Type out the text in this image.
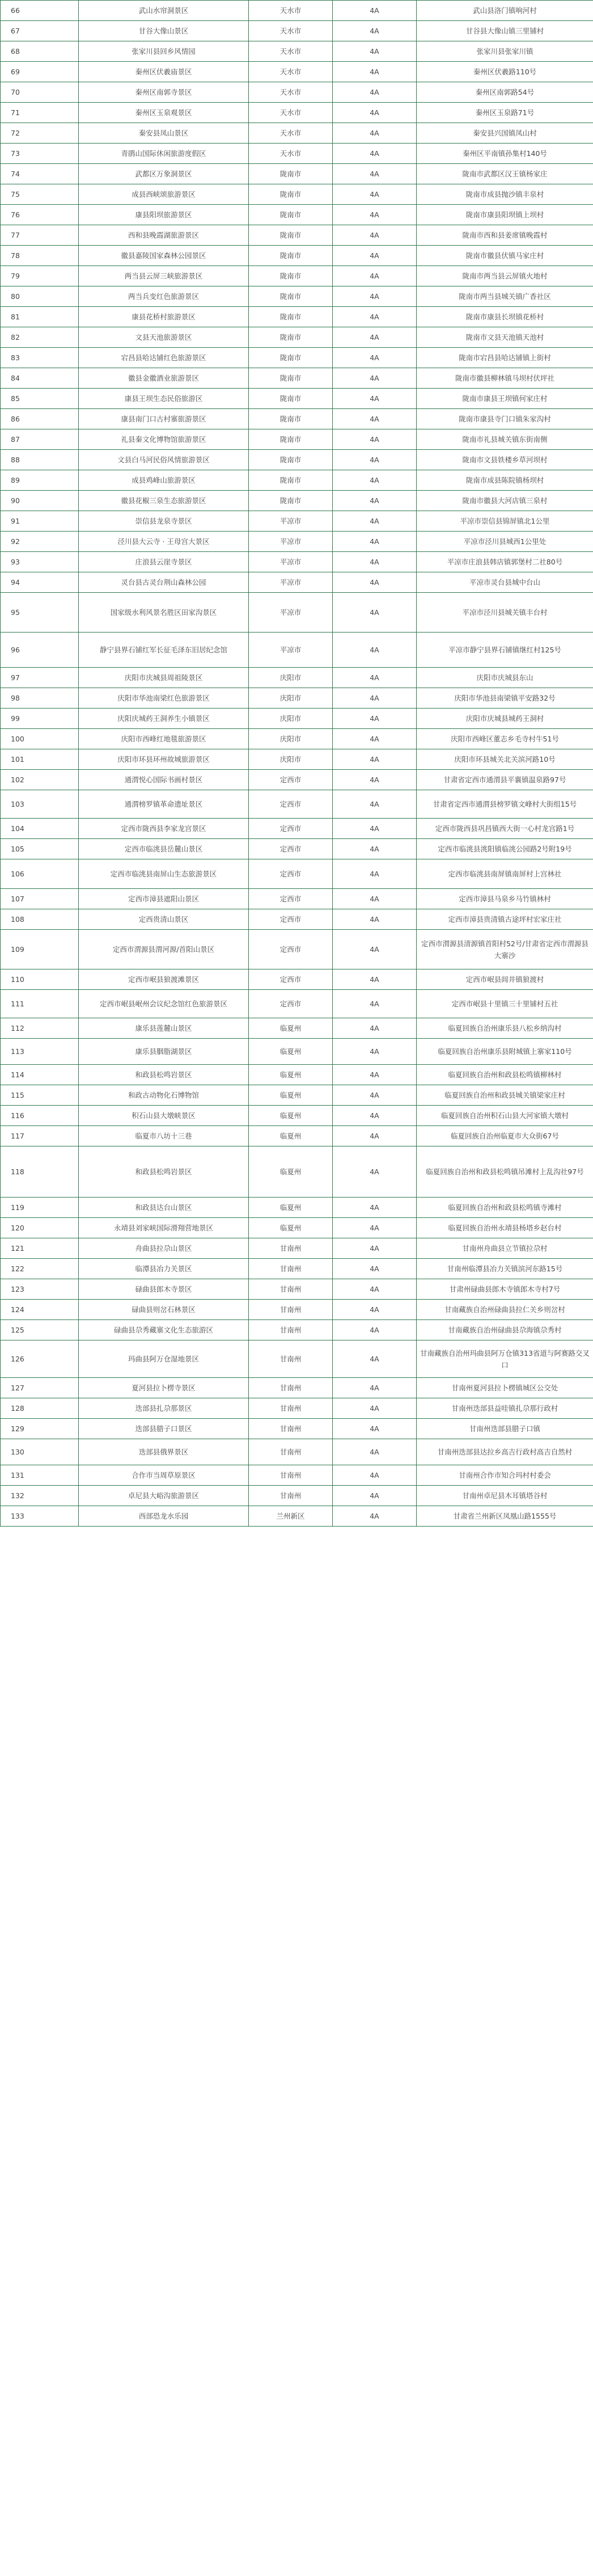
66	武山水帘洞景区	天水市	4A	武山县洛门镇响河村
67	甘谷大像山景区	天水市	4A	甘谷县大像山镇三里铺村
68	张家川县回乡风情园	天水市	4A	张家川县张家川镇
69	秦州区伏羲庙景区	天水市	4A	秦州区伏羲路110号
70	秦州区南郭寺景区	天水市	4A	秦州区南郭路54号
71	秦州区玉泉观景区	天水市	4A	秦州区玉泉路71号
72	秦安县凤山景区	天水市	4A	秦安县兴国镇凤山村
73	青鹃山国际休闲旅游度假区	天水市	4A	秦州区平南镇孙集村140号
74	武都区万象洞景区	陇南市	4A	陇南市武都区汉王镇杨家庄
75	成县西峡颂旅游景区	陇南市	4A	陇南市成县抛沙镇丰泉村
76	康县阳坝旅游景区	陇南市	4A	陇南市康县阳坝镇上坝村
77	西和县晚霞湖旅游景区	陇南市	4A	陇南市西和县姜席镇晚霞村
78	徽县嘉陵国家森林公园景区	陇南市	4A	陇南市徽县伏镇马家庄村
79	两当县云屏三峡旅游景区	陇南市	4A	陇南市两当县云屏镇火地村
80	两当兵变红色旅游景区	陇南市	4A	陇南市两当县城关镇广香社区
81	康县花桥村旅游景区	陇南市	4A	陇南市康县长坝镇花桥村
82	文县天池旅游景区	陇南市	4A	陇南市文县天池镇天池村
83	宕昌县哈达铺红色旅游景区	陇南市	4A	陇南市宕昌县哈达铺镇上街村
84	徽县金徽酒业旅游景区	陇南市	4A	陇南市徽县柳林镇马坝村伏坪社
85	康县王坝生态民俗旅游区	陇南市	4A	陇南市康县王坝镇何家庄村
86	康县南门口古村寨旅游景区	陇南市	4A	陇南市康县寺门口镇朱家沟村
87	礼县秦文化博物馆旅游景区	陇南市	4A	陇南市礼县城关镇东街南侧
88	文县白马河民俗风情旅游景区	陇南市	4A	陇南市文县铁楼乡草河坝村
89	成县鸡峰山旅游景区	陇南市	4A	陇南市成县陈院镇杨坝村
90	徽县花椒三泉生态旅游景区	陇南市	4A	陇南市徽县大河店镇三泉村
91	崇信县龙泉寺景区	平凉市	4A	平凉市崇信县锦屏镇北1公里
92	泾川县大云寺 · 王母宫大景区	平凉市	4A	平凉市泾川县城西1公里处
93	庄浪县云崖寺景区	平凉市	4A	平凉市庄浪县韩店镇郭堡村二社80号
94	灵台县古灵台荆山森林公园	平凉市	4A	平凉市灵台县城中台山
95	国家级水利风景名胜区田家沟景区	平凉市	4A	平凉市泾川县城关镇丰台村
96	静宁县界石铺红军长征毛泽东旧居纪念馆	平凉市	4A	平凉市静宁县界石铺镇继红村125号
97	庆阳市庆城县周祖陵景区	庆阳市	4A	庆阳市庆城县东山
98	庆阳市华池南梁红色旅游景区	庆阳市	4A	庆阳市华池县南梁镇平安路32号
99	庆阳庆城药王洞养生小镇景区	庆阳市	4A	庆阳市庆城县城药王洞村
100	庆阳市西峰红地毯旅游景区	庆阳市	4A	庆阳市西峰区董志乡毛寺村牛51号
101	庆阳市环县环州故城旅游景区	庆阳市	4A	庆阳市环县城关北关滨河路10号
102	通渭悦心国际书画村景区	定西市	4A	甘肃省定西市通渭县平襄镇温泉路97号
103	通渭榜罗镇革命遗址景区	定西市	4A	甘肃省定西市通渭县榜罗镇文峰村大街组15号
104	定西市陇西县李家龙宫景区	定西市	4A	定西市陇西县巩昌镇西大街一心村龙宫路1号
105	定西市临洮县岳麓山景区	定西市	4A	定西市临洮县洮阳镇临洮公园路2号附19号
106	定西市临洮县南屏山生态旅游景区	定西市	4A	定西市临洮县南屏镇南屏村上宫林社
107	定西市漳县遮阳山景区	定西市	4A	定西市漳县马泉乡马竹镇林村
108	定西贵清山景区	定西市	4A	定西市漳县贵清镇古途坪村宏家庄社
109	定西市渭源县渭河源/首阳山景区	定西市	4A	定西市渭源县清源镇首阳村52号/甘肃省定西市渭源县大寨沙
110	定西市岷县狼渡滩景区	定西市	4A	定西市岷县闾井镇狼渡村
111	定西市岷县岷州会议纪念馆红色旅游景区	定西市	4A	定西市岷县十里镇三十里铺村五社
112	康乐县莲麓山景区	临夏州	4A	临夏回族自治州康乐县八松乡纳沟村
113	康乐县胭脂湖景区	临夏州	4A	临夏回族自治州康乐县附城镇上寨家110号
114	和政县松鸣岩景区	临夏州	4A	临夏回族自治州和政县松鸣镇柳林村
115	和政古动物化石博物馆	临夏州	4A	临夏回族自治州和政县城关镇梁家庄村
116	积石山县大墩峡景区	临夏州	4A	临夏回族自治州积石山县大河家镇大墩村
117	临夏市八坊十三巷	临夏州	4A	临夏回族自治州临夏市大众街67号
118	和政县松鸣岩景区	临夏州	4A	临夏回族自治州和政县松鸣镇吊滩村上乱沟社97号
119	和政县达台山景区	临夏州	4A	临夏回族自治州和政县松鸣镇寺滩村
120	永靖县刘家峡国际滑翔营地景区	临夏州	4A	临夏回族自治州永靖县杨塔乡赵台村
121	舟曲县拉尕山景区	甘南州	4A	甘南州舟曲县立节镇拉尕村
122	临潭县冶力关景区	甘南州	4A	甘南州临潭县冶力关镇滨河东路15号
123	碌曲县郎木寺景区	甘南州	4A	甘肃州碌曲县郎木寺镇郎木寺村7号
124	碌曲县则岔石林景区	甘南州	4A	甘南藏族自治州碌曲县拉仁关乡则岔村
125	碌曲县尕秀藏寨文化生态旅游区	甘南州	4A	甘南藏族自治州碌曲县尕海镇尕秀村
126	玛曲县阿万仓湿地景区	甘南州	4A	甘南藏族自治州玛曲县阿万仓镇313省道与阿赛路交叉口
127	夏河县拉卜楞寺景区	甘南州	4A	甘南州夏河县拉卜楞镇城区公交处
128	迭部县扎尕那景区	甘南州	4A	甘南州迭部县益哇镇扎尕那行政村
129	迭部县腊子口景区	甘南州	4A	甘南州迭部县腊子口镇
130	迭部县俄界景区	甘南州	4A	甘南州迭部县达拉乡高吉行政村高吉自然村
131	合作市当周草原景区	甘南州	4A	甘南州合作市知合玛村村委会
132	卓尼县大峪沟旅游景区	甘南州	4A	甘南州卓尼县木耳镇塔谷村
133	西部恐龙水乐园	兰州新区	4A	甘肃省兰州新区凤凰山路1555号
